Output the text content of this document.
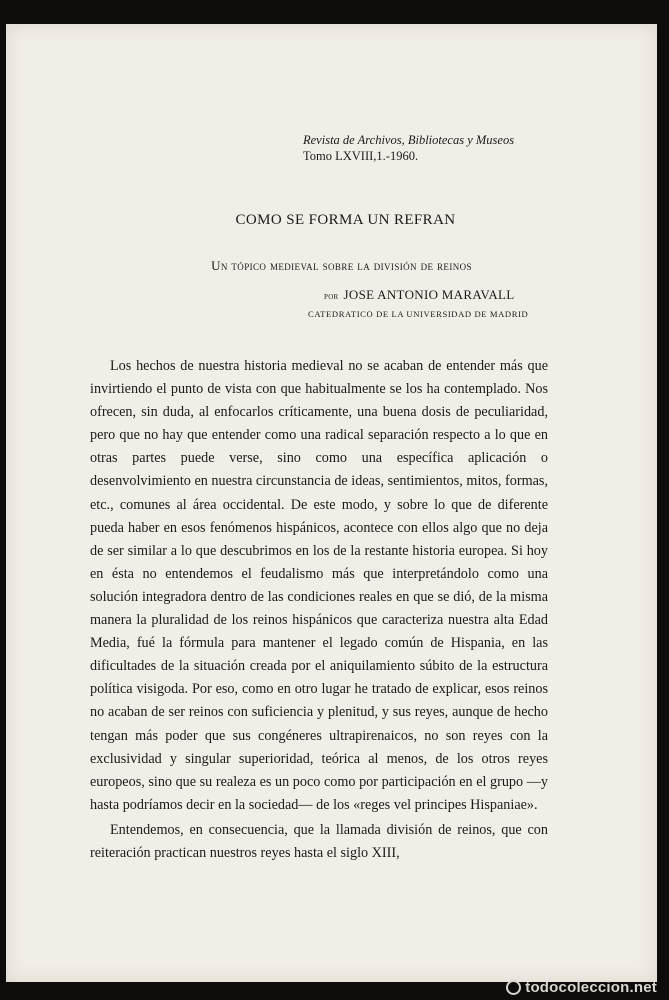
Revista de Archivos, Bibliotecas y Museos
Tomo LXVIII,1.-1960.
COMO SE FORMA UN REFRAN
Un tópico medieval sobre la división de reinos
por JOSE ANTONIO MARAVALL
CATEDRATICO DE LA UNIVERSIDAD DE MADRID

Los hechos de nuestra historia medieval no se acaban de entender más que invirtiendo el punto de vista con que habitualmente se los ha contemplado. Nos ofrecen, sin duda, al enfocarlos críticamente, una buena dosis de peculiaridad, pero que no hay que entender como una radical separación respecto a lo que en otras partes puede verse, sino como una específica aplicación o desenvolvimiento en nuestra circunstancia de ideas, sentimientos, mitos, formas, etc., comunes al área occidental. De este modo, y sobre lo que de diferente pueda haber en esos fenómenos hispánicos, acontece con ellos algo que no deja de ser similar a lo que descubrimos en los de la restante historia europea. Si hoy en ésta no entendemos el feudalismo más que interpretándolo como una solución integradora dentro de las condiciones reales en que se dió, de la misma manera la pluralidad de los reinos hispánicos que caracteriza nuestra alta Edad Media, fué la fórmula para mantener el legado común de Hispania, en las dificultades de la situación creada por el aniquilamiento súbito de la estructura política visigoda. Por eso, como en otro lugar he tratado de explicar, esos reinos no acaban de ser reinos con suficiencia y plenitud, y sus reyes, aunque de hecho tengan más poder que sus congéneres ultrapirenaicos, no son reyes con la exclusividad y singular superioridad, teórica al menos, de los otros reyes europeos, sino que su realeza es un poco como por participación en el grupo —y hasta podríamos decir en la sociedad— de los «reges vel principes Hispaniae».

Entendemos, en consecuencia, que la llamada división de reinos, que con reiteración practican nuestros reyes hasta el siglo XIII,

todocoleccion.net
